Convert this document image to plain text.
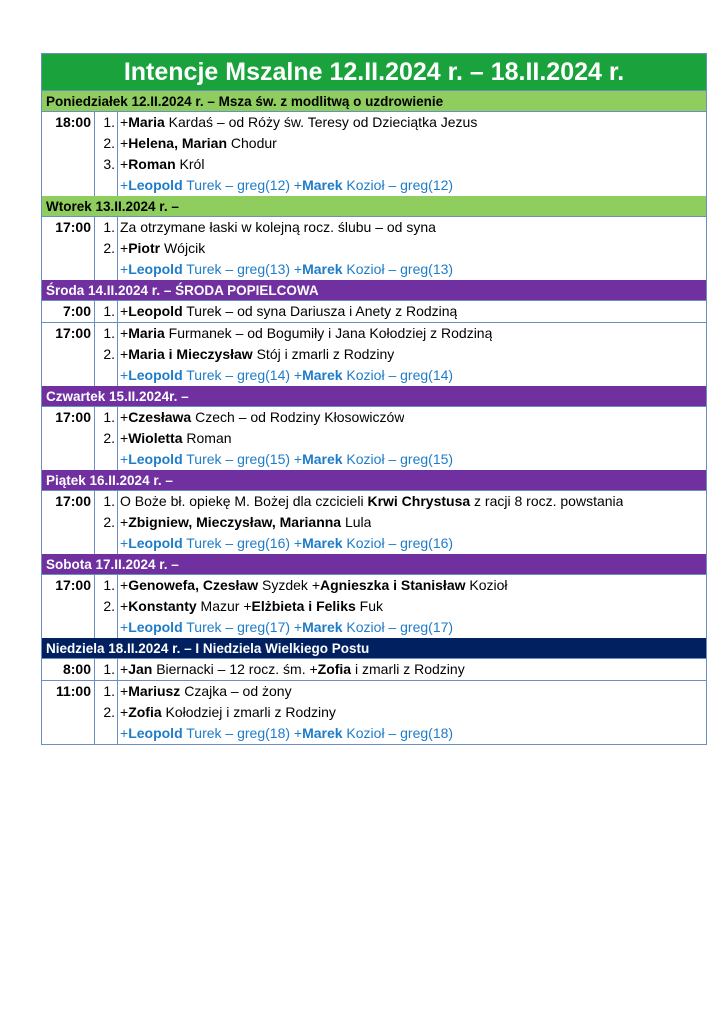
Intencje Mszalne 12.II.2024 r. – 18.II.2024 r.
Poniedziałek 12.II.2024 r. – Msza św. z modlitwą o uzdrowienie
18:00 1. +Maria Kardaś – od Róży św. Teresy od Dzieciątka Jezus
2. +Helena, Marian Chodur
3. +Roman Król
+Leopold Turek – greg(12) +Marek Kozioł – greg(12)
Wtorek 13.II.2024 r. –
17:00 1. Za otrzymane łaski w kolejną rocz. ślubu – od syna
2. +Piotr Wójcik
+Leopold Turek – greg(13) +Marek Kozioł – greg(13)
Środa 14.II.2024 r. – ŚRODA POPIELCOWA
7:00 1. +Leopold Turek – od syna Dariusza i Anety z Rodziną
17:00 1. +Maria Furmanek – od Bogumiły i Jana Kołodziej z Rodziną
2. +Maria i Mieczysław Stój i zmarli z Rodziny
+Leopold Turek – greg(14) +Marek Kozioł – greg(14)
Czwartek 15.II.2024r. –
17:00 1. +Czesława Czech – od Rodziny Kłosowiczów
2. +Wioletta Roman
+Leopold Turek – greg(15) +Marek Kozioł – greg(15)
Piątek 16.II.2024 r. –
17:00 1. O Boże bł. opiekę M. Bożej dla czcicieli Krwi Chrystusa z racji 8 rocz. powstania
2. +Zbigniew, Mieczysław, Marianna Lula
+Leopold Turek – greg(16) +Marek Kozioł – greg(16)
Sobota 17.II.2024 r. –
17:00 1. +Genowefa, Czesław Syzdek +Agnieszka i Stanisław Kozioł
2. +Konstanty Mazur +Elżbieta i Feliks Fuk
+Leopold Turek – greg(17) +Marek Kozioł – greg(17)
Niedziela 18.II.2024 r. – I Niedziela Wielkiego Postu
8:00 1. +Jan Biernacki – 12 rocz. śm. +Zofia i zmarli z Rodziny
11:00 1. +Mariusz Czajka – od żony
2. +Zofia Kołodziej i zmarli z Rodziny
+Leopold Turek – greg(18) +Marek Kozioł – greg(18)
